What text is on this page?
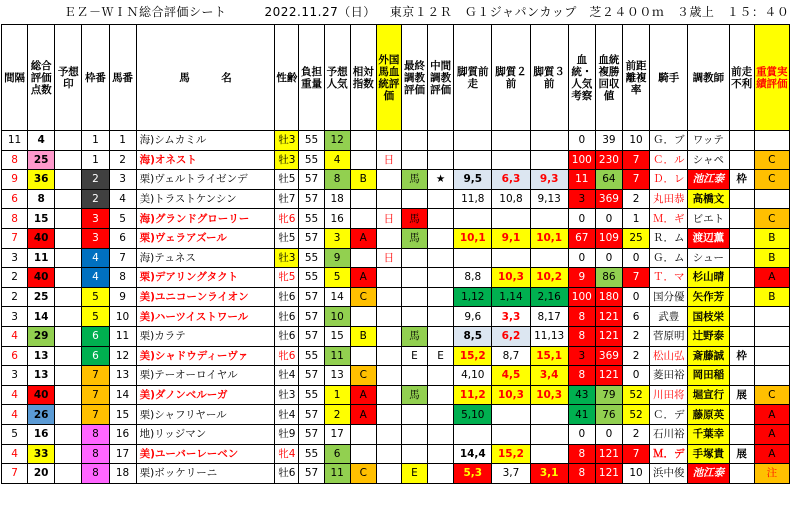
ＥＺ－ＷＩＮ総合評価シート	2022.11.27（日） 東京１２Ｒ　Ｇ１ジャパンカップ　芝２４００ｍ　３歳上　１５：４０
間隔	総合評価点数	予想印	枠番	馬番	馬　　　名	性齢	負担重量	予想人気	相対指数	外国馬血統評価	最終調教評価	中間調教評価	脚質前走	脚質２前	脚質３前	血統・人気考察	血統複勝回収値	前距離複率	騎手	調教師	前走不利	重賞実績評価
11	4		1	1	海)シムカミル	牡3	55	12								0	39	10	Ｇ．ブ	ワッテ		
8	25		1	2	海)オネスト	牡3	55	4		日						100	230	7	Ｃ．ル	シャペ		C
9	36		2	3	栗)ヴェルトライゼンデ	牡5	57	8	B		馬	★	9,5	6,3	9,3	11	64	7	Ｄ．レ	池江泰	枠	C
6	8		2	4	美)トラストケンシン	牡7	57	18					11,8	10,8	9,13	3	369	2	丸田恭	高橋文		
8	15		3	5	海)グランドグローリー	牝6	55	16		日	馬					0	0	1	Ｍ．ギ	ビエト		C
7	40		3	6	栗)ヴェラアズール	牡5	57	3	A		馬		10,1	9,1	10,1	67	109	25	Ｒ．ム	渡辺薫		B
3	11		4	7	海)テュネス	牡3	55	9		日						0	0	0	Ｇ．ム	シュー		B
2	40		4	8	栗)デアリングタクト	牝5	55	5	A				8,8	10,3	10,2	9	86	7	Ｔ．マ	杉山晴		A
2	25		5	9	美)ユニコーンライオン	牡6	57	14	C				1,12	1,14	2,16	100	180	0	国分優	矢作芳		B
3	14		5	10	美)ハーツイストワール	牡6	57	10					9,6	3,3	8,17	8	121	6	武豊	国枝栄		
4	29		6	11	栗)カラテ	牡6	57	15	B		馬		8,5	6,2	11,13	8	121	2	菅原明	辻野泰		
6	13		6	12	美)シャドウディーヴァ	牝6	55	11			E	E	15,2	8,7	15,1	3	369	2	松山弘	斎藤誠	枠	
3	13		7	13	栗)テーオーロイヤル	牡4	57	13	C				4,10	4,5	3,4	8	121	0	菱田裕	岡田稲		
4	40		7	14	美)ダノンベルーガ	牡3	55	1	A		馬		11,2	10,3	10,3	43	79	52	川田将	堀宣行	展	C
4	26		7	15	栗)シャフリヤール	牡4	57	2	A				5,10			41	76	52	Ｃ．デ	藤原英		A
5	16		8	16	地)リッジマン	牡9	57	17								0	0	2	石川裕	千葉幸		A
4	33		8	17	美)ユーバーレーベン	牝4	55	6					14,4	15,2		8	121	7	Ｍ．デ	手塚貴	展	A
7	20		8	18	栗)ボッケリーニ	牡6	57	11	C		E		5,3	3,7	3,1	8	121	10	浜中俊	池江泰		注
